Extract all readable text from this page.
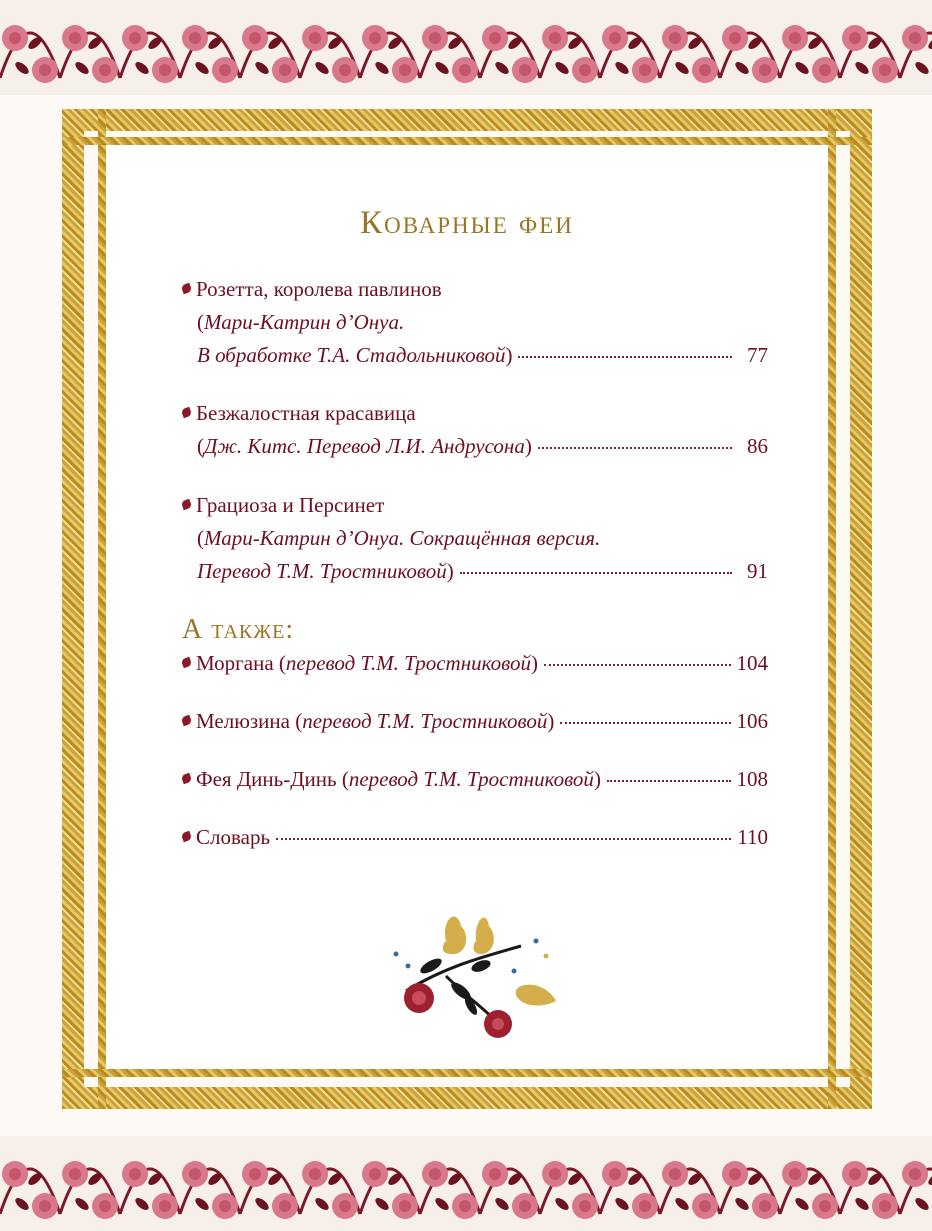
Коварные феи
Розетта, королева павлинов
(Мари-Катрин д’Онуа.
В обработке Т.А. Стадольниковой)	77
Безжалостная красавица
(Дж. Китс. Перевод Л.И. Андрусона)	86
Грациоза и Персинет
(Мари-Катрин д’Онуа. Сокращённая версия.
Перевод Т.М. Тростниковой)	91
Моргана (перевод Т.М. Тростниковой)	104
Мелюзина (перевод Т.М. Тростниковой)	106
Фея Динь-Динь (перевод Т.М. Тростниковой)	108
Словарь	110
А также:
